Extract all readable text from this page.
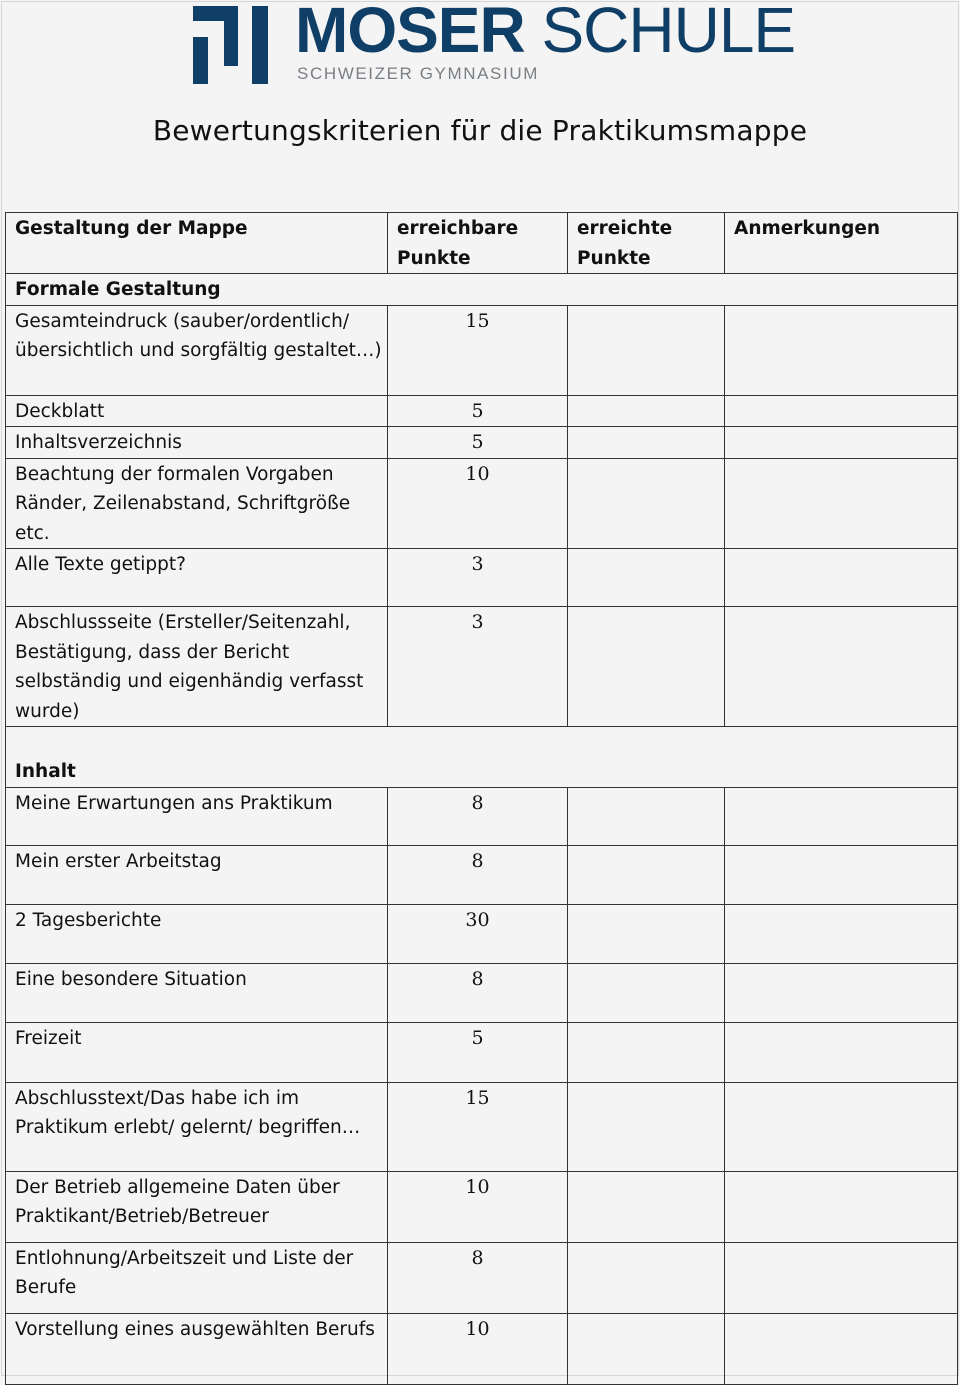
MOSER SCHULE
SCHWEIZER GYMNASIUM
Bewertungskriterien für die Praktikumsmappe
Gestaltung der Mappe	erreichbare Punkte	erreichte Punkte	Anmerkungen
Formale Gestaltung			
Gesamteindruck (sauber/ordentlich/übersichtlich und sorgfältig gestaltet…)	15		
Deckblatt	5		
Inhaltsverzeichnis	5		
Beachtung der formalen Vorgaben Ränder, Zeilenabstand, Schriftgröße etc.	10		
Alle Texte getippt?	3		
Abschlussseite (Ersteller/Seitenzahl, Bestätigung, dass der Bericht selbständig und eigenhändig verfasst wurde)	3		
Inhalt			
Meine Erwartungen ans Praktikum	8		
Mein erster Arbeitstag	8		
2 Tagesberichte	30		
Eine besondere Situation	8		
Freizeit	5		
Abschlusstext/Das habe ich im Praktikum erlebt/ gelernt/ begriffen…	15		
Der Betrieb allgemeine Daten über Praktikant/Betrieb/Betreuer	10		
Entlohnung/Arbeitszeit und Liste der Berufe	8		
Vorstellung eines ausgewählten Berufs	10		
